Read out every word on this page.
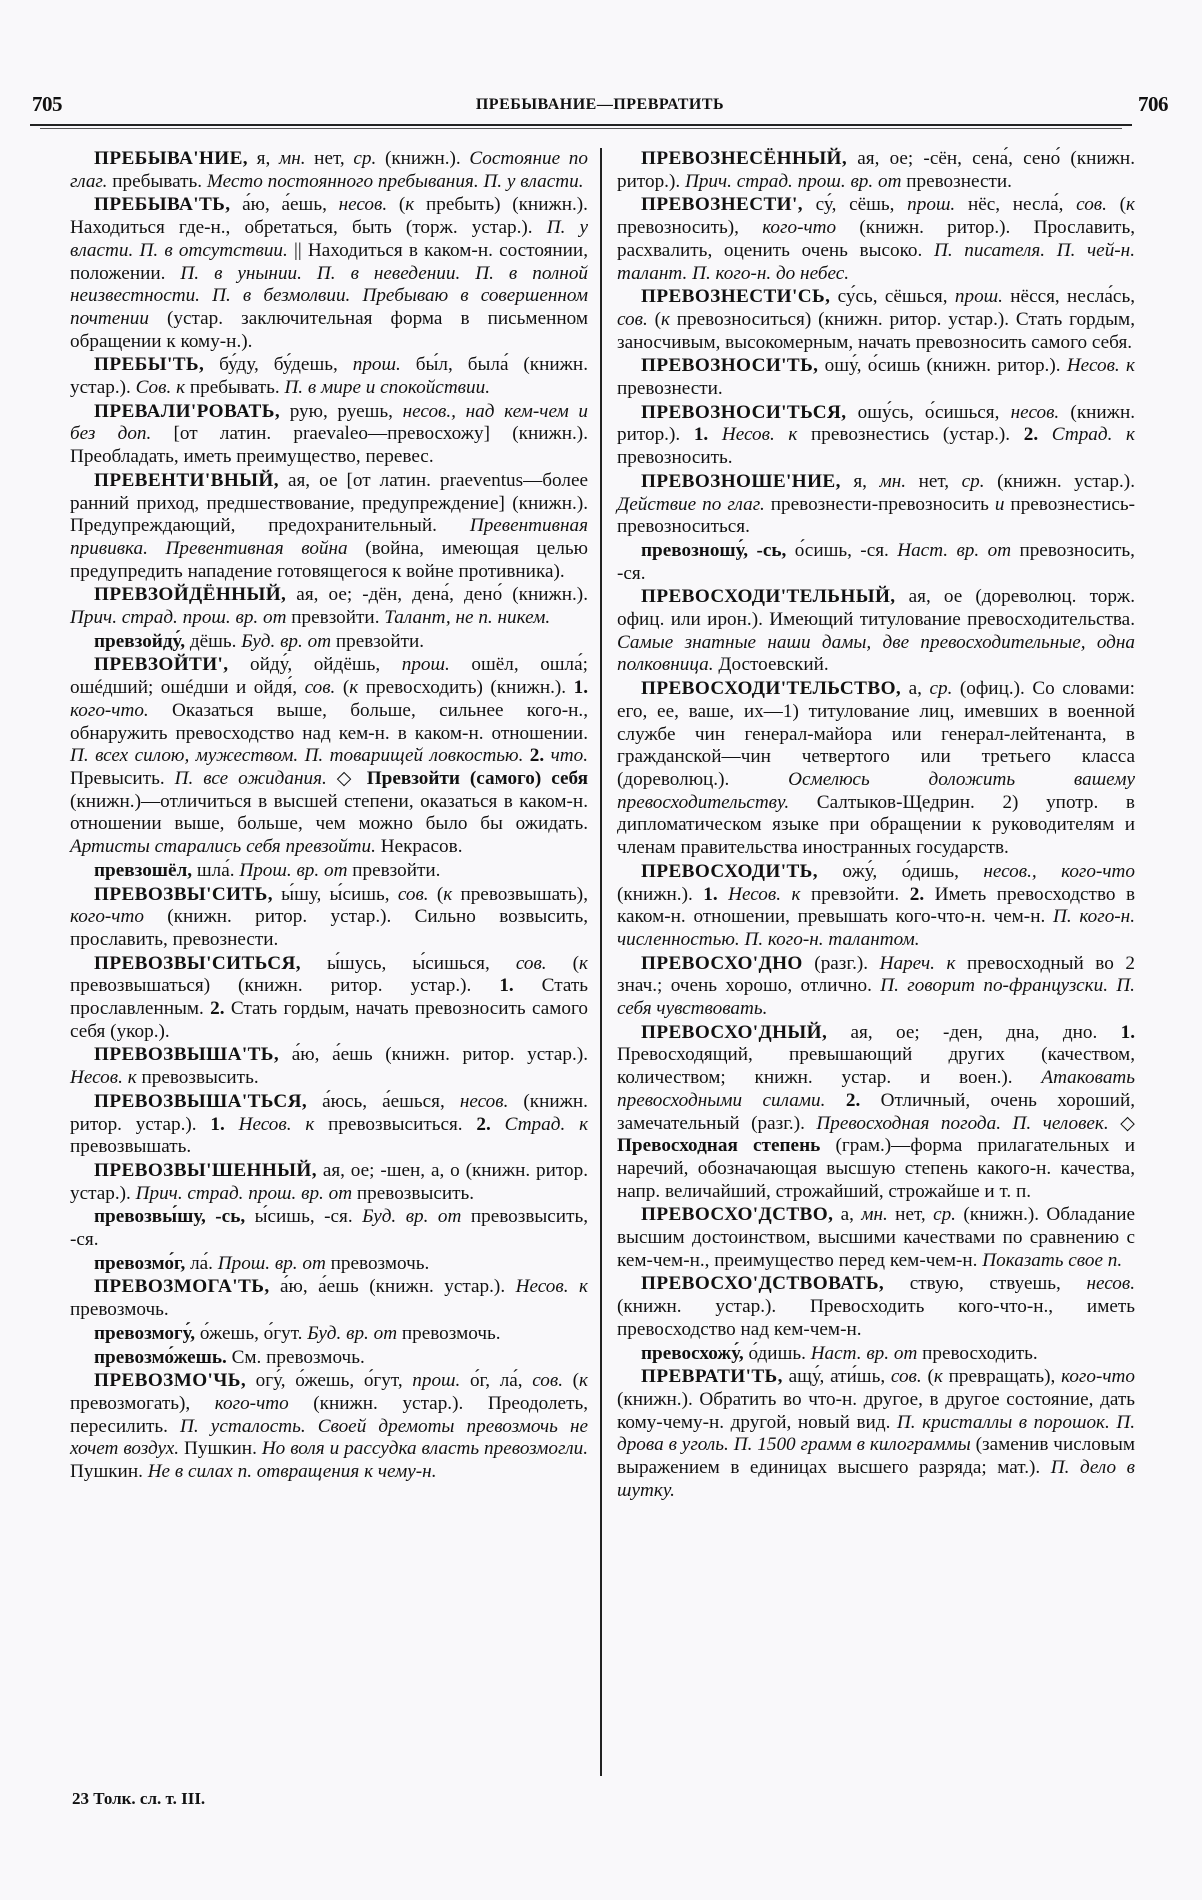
705	ПРЕБЫВАНИЕ—ПРЕВРАТИТЬ	706

ПРЕБЫВА'НИЕ, я, мн. нет, ср. (книжн.). Состояние по глаг. пребывать. Место постоянного пребывания. П. у власти.

ПРЕБЫВА'ТЬ, а́ю, а́ешь, несов. (к пребыть) (книжн.). Находиться где-н., обретаться, быть (торж. устар.). П. у власти. П. в отсутствии. || Находиться в каком-н. состоянии, положении. П. в унынии. П. в неведении. П. в полной неизвестности. П. в безмолвии. Пребываю в совершенном почтении (устар. заключительная форма в письменном обращении к кому-н.).

ПРЕБЫ'ТЬ, бу́ду, бу́дешь, прош. бы́л, была́ (книжн. устар.). Сов. к пребывать. П. в мире и спокойствии.

ПРЕВАЛИ'РОВАТЬ, рую, руешь, несов., над кем-чем и без доп. [от латин. praevaleo—превосхожу] (книжн.). Преобладать, иметь преимущество, перевес.

ПРЕВЕНТИ'ВНЫЙ, ая, ое [от латин. praeventus—более ранний приход, предшествование, предупреждение] (книжн.). Предупреждающий, предохранительный. Превентивная прививка. Превентивная война (война, имеющая целью предупредить нападение готовящегося к войне противника).

ПРЕВЗОЙДЁННЫЙ, ая, ое; -дён, дена́, дено́ (книжн.). Прич. страд. прош. вр. от превзойти. Талант, не п. никем.

превзойду́, дёшь. Буд. вр. от превзойти.

ПРЕВЗОЙТИ', ойду́, ойдёшь, прош. ошёл, ошла́; ошéдший; ошéдши и ойдя́, сов. (к превосходить) (книжн.). 1. кого-что. Оказаться выше, больше, сильнее кого-н., обнаружить превосходство над кем-н. в каком-н. отношении. П. всех силою, мужеством. П. товарищей ловкостью. 2. что. Превысить. П. все ожидания. ◇ Превзойти (самого) себя (книжн.)—отличиться в высшей степени, оказаться в каком-н. отношении выше, больше, чем можно было бы ожидать. Артисты старались себя превзойти. Некрасов.

превзошёл, шла́. Прош. вр. от превзойти.

ПРЕВОЗВЫ'СИТЬ, ы́шу, ы́сишь, сов. (к превозвышать), кого-что (книжн. ритор. устар.). Сильно возвысить, прославить, превознести.

ПРЕВОЗВЫ'СИТЬСЯ, ы́шусь, ы́сишься, сов. (к превозвышаться) (книжн. ритор. устар.). 1. Стать прославленным. 2. Стать гордым, начать превозносить самого себя (укор.).

ПРЕВОЗВЫША'ТЬ, а́ю, а́ешь (книжн. ритор. устар.). Несов. к превозвысить.

ПРЕВОЗВЫША'ТЬСЯ, а́юсь, а́ешься, несов. (книжн. ритор. устар.). 1. Несов. к превозвыситься. 2. Страд. к превозвышать.

ПРЕВОЗВЫ'ШЕННЫЙ, ая, ое; -шен, а, о (книжн. ритор. устар.). Прич. страд. прош. вр. от превозвысить.

превозвы́шу, -сь, ы́сишь, -ся. Буд. вр. от превозвысить, -ся.

превозмо́г, ла́. Прош. вр. от превозмочь.

ПРЕВОЗМОГА'ТЬ, а́ю, а́ешь (книжн. устар.). Несов. к превозмочь.

превозмогу́, о́жешь, о́гут. Буд. вр. от превозмочь.

превозмо́жешь. См. превозмочь.

ПРЕВОЗМО'ЧЬ, огу́, о́жешь, о́гут, прош. о́г, ла́, сов. (к превозмогать), кого-что (книжн. устар.). Преодолеть, пересилить. П. усталость. Своей дремоты превозмочь не хочет воздух. Пушкин. Но воля и рассудка власть превозмогли. Пушкин. Не в силах п. отвращения к чему-н.

ПРЕВОЗНЕСЁННЫЙ, ая, ое; -сён, сена́, сено́ (книжн. ритор.). Прич. страд. прош. вр. от превознести.

ПРЕВОЗНЕСТИ', су́, сёшь, прош. нёс, несла́, сов. (к превозносить), кого-что (книжн. ритор.). Прославить, расхвалить, оценить очень высоко. П. писателя. П. чей-н. талант. П. кого-н. до небес.

ПРЕВОЗНЕСТИ'СЬ, су́сь, сёшься, прош. нёсся, несла́сь, сов. (к превозноситься) (книжн. ритор. устар.). Стать гордым, заносчивым, высокомерным, начать превозносить самого себя.

ПРЕВОЗНОСИ'ТЬ, ошу́, о́сишь (книжн. ритор.). Несов. к превознести.

ПРЕВОЗНОСИ'ТЬСЯ, ошу́сь, о́сишься, несов. (книжн. ритор.). 1. Несов. к превознестись (устар.). 2. Страд. к превозносить.

ПРЕВОЗНОШЕ'НИЕ, я, мн. нет, ср. (книжн. устар.). Действие по глаг. превознести-превозносить и превознестись-превозноситься.

превозношу́, -сь, о́сишь, -ся. Наст. вр. от превозносить, -ся.

ПРЕВОСХОДИ'ТЕЛЬНЫЙ, ая, ое (дореволюц. торж. офиц. или ирон.). Имеющий титулование превосходительства. Самые знатные наши дамы, две превосходительные, одна полковница. Достоевский.

ПРЕВОСХОДИ'ТЕЛЬСТВО, а, ср. (офиц.). Со словами: его, ее, ваше, их—1) титулование лиц, имевших в военной службе чин генерал-майора или генерал-лейтенанта, в гражданской—чин четвертого или третьего класса (дореволюц.). Осмелюсь доложить вашему превосходительству. Салтыков-Щедрин. 2) употр. в дипломатическом языке при обращении к руководителям и членам правительства иностранных государств.

ПРЕВОСХОДИ'ТЬ, ожу́, о́дишь, несов., кого-что (книжн.). 1. Несов. к превзойти. 2. Иметь превосходство в каком-н. отношении, превышать кого-что-н. чем-н. П. кого-н. численностью. П. кого-н. талантом.

ПРЕВОСХО'ДНО (разг.). Нареч. к превосходный во 2 знач.; очень хорошо, отлично. П. говорит по-французски. П. себя чувствовать.

ПРЕВОСХО'ДНЫЙ, ая, ое; -ден, дна, дно. 1. Превосходящий, превышающий других (качеством, количеством; книжн. устар. и воен.). Атаковать превосходными силами. 2. Отличный, очень хороший, замечательный (разг.). Превосходная погода. П. человек. ◇ Превосходная степень (грам.)—форма прилагательных и наречий, обозначающая высшую степень какого-н. качества, напр. величайший, строжайший, строжайше и т. п.

ПРЕВОСХО'ДСТВО, а, мн. нет, ср. (книжн.). Обладание высшим достоинством, высшими качествами по сравнению с кем-чем-н., преимущество перед кем-чем-н. Показать свое п.

ПРЕВОСХО'ДСТВОВАТЬ, ствую, ствуешь, несов. (книжн. устар.). Превосходить кого-что-н., иметь превосходство над кем-чем-н.

превосхожу́, о́дишь. Наст. вр. от превосходить.

ПРЕВРАТИ'ТЬ, ащу́, ати́шь, сов. (к превращать), кого-что (книжн.). Обратить во что-н. другое, в другое состояние, дать кому-чему-н. другой, новый вид. П. кристаллы в порошок. П. дрова в уголь. П. 1500 грамм в килограммы (заменив числовым выражением в единицах высшего разряда; мат.). П. дело в шутку.

23 Толк. сл. т. III.
